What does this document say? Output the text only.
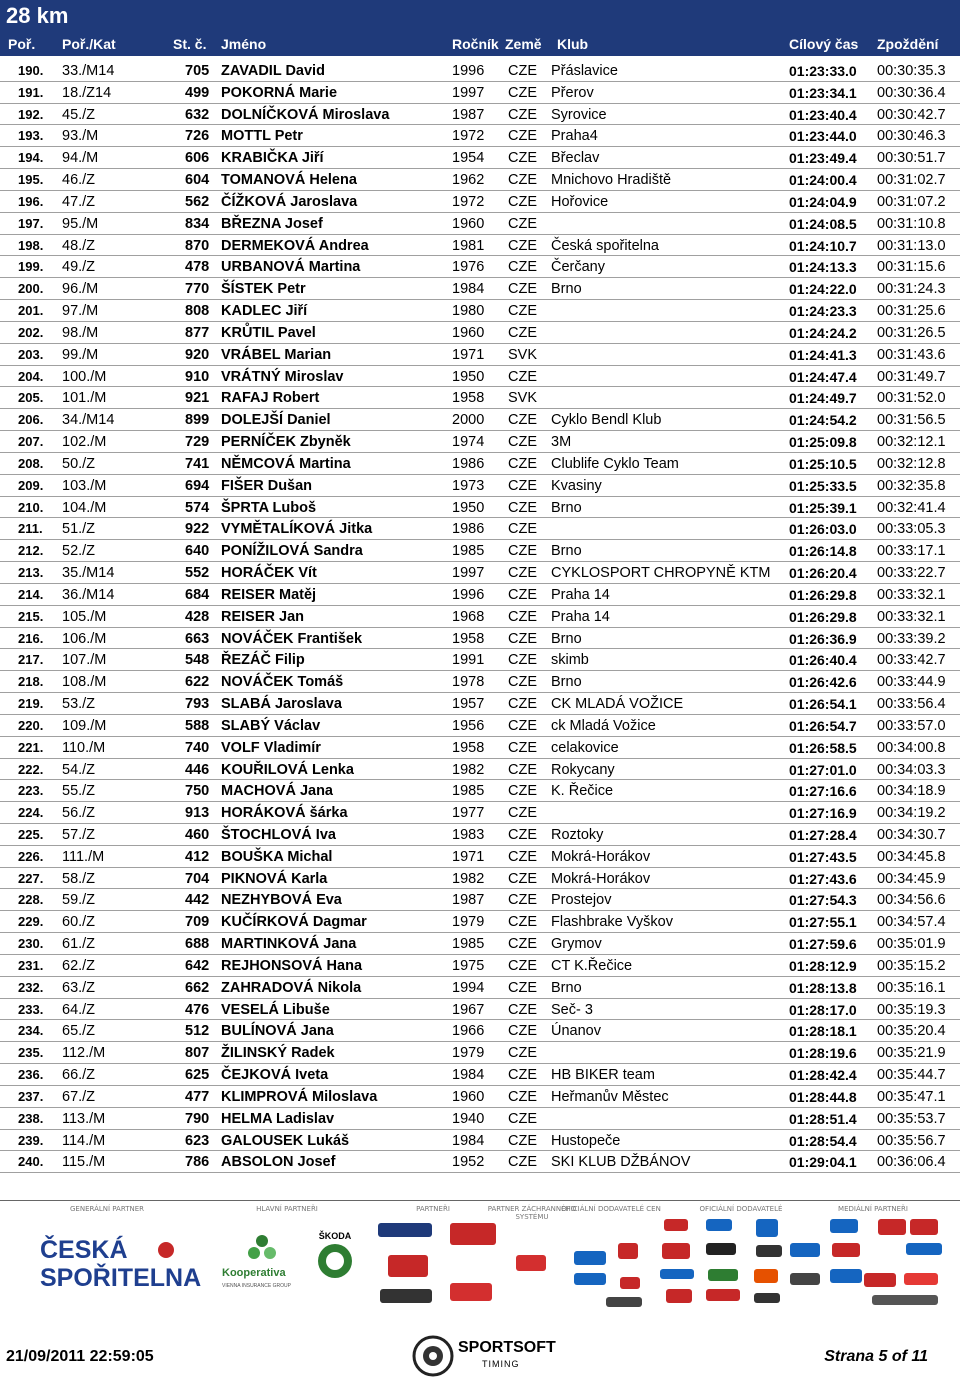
28 km
Poř. Poř./Kat	St. č. Jméno	Ročník Země Klub	Cílový čas Zpoždění
190. 33./M14	705 ZAVADIL David	1996 CZE Přáslavice	01:23:33.0 00:30:35.3
191. 18./Z14	499 POKORNÁ Marie	1997 CZE Přerov	01:23:34.1 00:30:36.4
192. 45./Z	632 DOLNÍČKOVÁ Miroslava	1987 CZE Syrovice	01:23:40.4 00:30:42.7
193. 93./M	726 MOTTL Petr	1972 CZE Praha4	01:23:44.0 00:30:46.3
194. 94./M	606 KRABIČKA Jiří	1954 CZE Břeclav	01:23:49.4 00:30:51.7
195. 46./Z	604 TOMANOVÁ Helena	1962 CZE Mnichovo Hradiště	01:24:00.4 00:31:02.7
196. 47./Z	562 ČÍŽKOVÁ Jaroslava	1972 CZE Hořovice	01:24:04.9 00:31:07.2
197. 95./M	834 BŘEZNA Josef	1960 CZE	01:24:08.5 00:31:10.8
198. 48./Z	870 DERMEKOVÁ Andrea	1981 CZE Česká spořitelna	01:24:10.7 00:31:13.0
199. 49./Z	478 URBANOVÁ Martina	1976 CZE Čerčany	01:24:13.3 00:31:15.6
200. 96./M	770 ŠÍSTEK Petr	1984 CZE Brno	01:24:22.0 00:31:24.3
201. 97./M	808 KADLEC Jiří	1980 CZE	01:24:23.3 00:31:25.6
202. 98./M	877 KRŮTIL Pavel	1960 CZE	01:24:24.2 00:31:26.5
203. 99./M	920 VRÁBEL Marian	1971 SVK	01:24:41.3 00:31:43.6
204. 100./M	910 VRÁTNÝ Miroslav	1950 CZE	01:24:47.4 00:31:49.7
205. 101./M	921 RAFAJ Robert	1958 SVK	01:24:49.7 00:31:52.0
206. 34./M14	899 DOLEJŠÍ Daniel	2000 CZE Cyklo Bendl Klub	01:24:54.2 00:31:56.5
207. 102./M	729 PERNÍČEK Zbyněk	1974 CZE 3M	01:25:09.8 00:32:12.1
208. 50./Z	741 NĚMCOVÁ Martina	1986 CZE Clublife Cyklo Team	01:25:10.5 00:32:12.8
209. 103./M	694 FIŠER Dušan	1973 CZE Kvasiny	01:25:33.5 00:32:35.8
210. 104./M	574 ŠPRTA Luboš	1950 CZE Brno	01:25:39.1 00:32:41.4
211. 51./Z	922 VYMĚTALÍKOVÁ Jitka	1986 CZE	01:26:03.0 00:33:05.3
212. 52./Z	640 PONÍŽILOVÁ Sandra	1985 CZE Brno	01:26:14.8 00:33:17.1
213. 35./M14	552 HORÁČEK Vít	1997 CZE CYKLOSPORT CHROPYNĚ KTM 01:26:20.4 00:33:22.7
214. 36./M14	684 REISER Matěj	1996 CZE Praha 14	01:26:29.8 00:33:32.1
215. 105./M	428 REISER Jan	1968 CZE Praha 14	01:26:29.8 00:33:32.1
216. 106./M	663 NOVÁČEK František	1958 CZE Brno	01:26:36.9 00:33:39.2
217. 107./M	548 ŘEZÁČ Filip	1991 CZE skimb	01:26:40.4 00:33:42.7
218. 108./M	622 NOVÁČEK Tomáš	1978 CZE Brno	01:26:42.6 00:33:44.9
219. 53./Z	793 SLABÁ Jaroslava	1957 CZE CK MLADÁ VOŽICE	01:26:54.1 00:33:56.4
220. 109./M	588 SLABÝ Václav	1956 CZE ck Mladá Vožice	01:26:54.7 00:33:57.0
221. 110./M	740 VOLF Vladimír	1958 CZE celakovice	01:26:58.5 00:34:00.8
222. 54./Z	446 KOUŘILOVÁ Lenka	1982 CZE Rokycany	01:27:01.0 00:34:03.3
223. 55./Z	750 MACHOVÁ Jana	1985 CZE K. Řečice	01:27:16.6 00:34:18.9
224. 56./Z	913 HORÁKOVÁ šárka	1977 CZE	01:27:16.9 00:34:19.2
225. 57./Z	460 ŠTOCHLOVÁ Iva	1983 CZE Roztoky	01:27:28.4 00:34:30.7
226. 111./M	412 BOUŠKA Michal	1971 CZE Mokrá-Horákov	01:27:43.5 00:34:45.8
227. 58./Z	704 PIKNOVÁ Karla	1982 CZE Mokrá-Horákov	01:27:43.6 00:34:45.9
228. 59./Z	442 NEZHYBOVÁ Eva	1987 CZE Prostejov	01:27:54.3 00:34:56.6
229. 60./Z	709 KUČÍRKOVÁ Dagmar	1979 CZE Flashbrake Vyškov	01:27:55.1 00:34:57.4
230. 61./Z	688 MARTINKOVÁ Jana	1985 CZE Grymov	01:27:59.6 00:35:01.9
231. 62./Z	642 REJHONSOVÁ Hana	1975 CZE CT K.Řečice	01:28:12.9 00:35:15.2
232. 63./Z	662 ZAHRADOVÁ Nikola	1994 CZE Brno	01:28:13.8 00:35:16.1
233. 64./Z	476 VESELÁ Libuše	1967 CZE Seč- 3	01:28:17.0 00:35:19.3
234. 65./Z	512 BULÍNOVÁ Jana	1966 CZE Únanov	01:28:18.1 00:35:20.4
235. 112./M	807 ŽILINSKÝ Radek	1979 CZE	01:28:19.6 00:35:21.9
236. 66./Z	625 ČEJKOVÁ Iveta	1984 CZE HB BIKER team	01:28:42.4 00:35:44.7
237. 67./Z	477 KLIMPROVÁ Miloslava	1960 CZE Heřmanův Městec	01:28:44.8 00:35:47.1
238. 113./M	790 HELMA Ladislav	1940 CZE	01:28:51.4 00:35:53.7
239. 114./M	623 GALOUSEK Lukáš	1984 CZE Hustopeče	01:28:54.4 00:35:56.7
240. 115./M	786 ABSOLON Josef	1952 CZE SKI KLUB DŽBÁNOV	01:29:04.1 00:36:06.4
GENERÁLNÍ PARTNER	HLAVNÍ PARTNEŘI	PARTNEŘI	PARTNER ZÁCHRANNÉHO SYSTÉMU
OFICIÁLNÍ DODAVATELÉ CEN	OFICIÁLNÍ DODAVATELÉ	MEDIÁLNÍ PARTNEŘI
ČESKÁ
SPOŘITELNA Kooperativa
VIENNA INSURANCE GROUP
ŠKODA
21/09/2011 22:59:05
SPORTSOFT
TIMING	Strana 5 of 11
